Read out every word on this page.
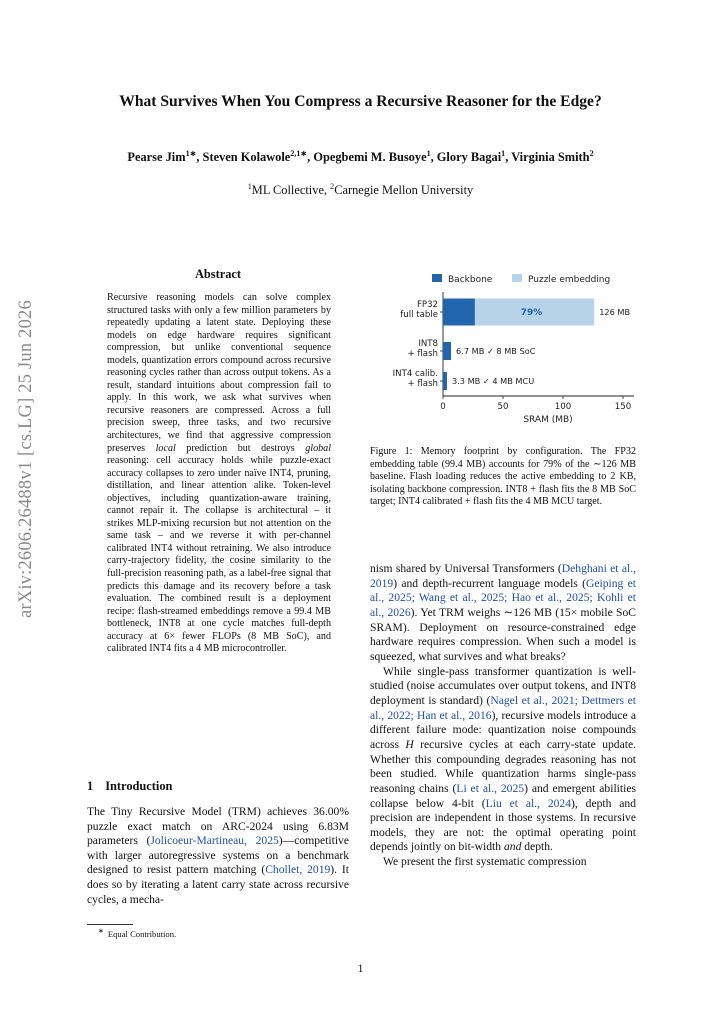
What Survives When You Compress a Recursive Reasoner for the Edge?
Pearse Jim$^{1∗}$, Steven Kolawole$^{2,1∗}$, Opegbemi M. Busoye$^1$, Glory Bagai$^1$, Virginia Smith$^2$
$^1$ML Collective, $^2$Carnegie Mellon University
arXiv:2606.26488v1 [cs.LG] 25 Jun 2026
Abstract
Recursive reasoning models can solve complex structured tasks with only a few million parameters by repeatedly updating a latent state. Deploying these models on edge hardware requires significant compression, but unlike conventional sequence models, quantization errors compound across recursive reasoning cycles rather than across output tokens. As a result, standard intuitions about compression fail to apply. In this work, we ask what survives when recursive reasoners are compressed. Across a full precision sweep, three tasks, and two recursive architectures, we find that aggressive compression preserves local prediction but destroys global reasoning: cell accuracy holds while puzzle-exact accuracy collapses to zero under naïve INT4, pruning, distillation, and linear attention alike. Token-level objectives, including quantization-aware training, cannot repair it. The collapse is architectural – it strikes MLP-mixing recursion but not attention on the same task – and we reverse it with per-channel calibrated INT4 without retraining. We also introduce carry-trajectory fidelity, the cosine similarity to the full-precision reasoning path, as a label-free signal that predicts this damage and its recovery before a task evaluation. The combined result is a deployment recipe: flash-streamed embeddings remove a 99.4 MB bottleneck, INT8 at one cycle matches full-depth accuracy at 6× fewer FLOPs (8 MB SoC), and calibrated INT4 fits a 4 MB microcontroller.
1 Introduction
The Tiny Recursive Model (TRM) achieves 36.00% puzzle exact match on ARC-2024 using 6.83M parameters (Jolicoeur-Martineau, 2025)—competitive with larger autoregressive systems on a benchmark designed to resist pattern matching (Chollet, 2019). It does so by iterating a latent carry state across recursive cycles, a mecha-
∗ Equal Contribution.
Backbone	Puzzle embedding
0	50	100	150
SRAM (MB)
FP32
full table	126 MB
INT8
+ flash 6.7 MB ✓ 8 MB SoC
INT4 calib.
+ flash 3.3 MB ✓ 4 MB MCU
79%
Figure 1: Memory footprint by configuration. The FP32 embedding table (99.4 MB) accounts for 79% of the ∼126 MB baseline. Flash loading reduces the active embedding to 2 KB, isolating backbone compression. INT8 + flash fits the 8 MB SoC target; INT4 calibrated + flash fits the 4 MB MCU target.

nism shared by Universal Transformers (Dehghani et al., 2019) and depth-recurrent language models (Geiping et al., 2025; Wang et al., 2025; Hao et al., 2025; Kohli et al., 2026). Yet TRM weighs ∼126 MB (15× mobile SoC SRAM). Deployment on resource-constrained edge hardware requires compression. When such a model is squeezed, what survives and what breaks?

While single-pass transformer quantization is well-studied (noise accumulates over output tokens, and INT8 deployment is standard) (Nagel et al., 2021; Dettmers et al., 2022; Han et al., 2016), recursive models introduce a different failure mode: quantization noise compounds across H recursive cycles at each carry-state update. Whether this compounding degrades reasoning has not been studied. While quantization harms single-pass reasoning chains (Li et al., 2025) and emergent abilities collapse below 4-bit (Liu et al., 2024), depth and precision are independent in those systems. In recursive models, they are not: the optimal operating point depends jointly on bit-width and depth.

We present the first systematic compression

1
